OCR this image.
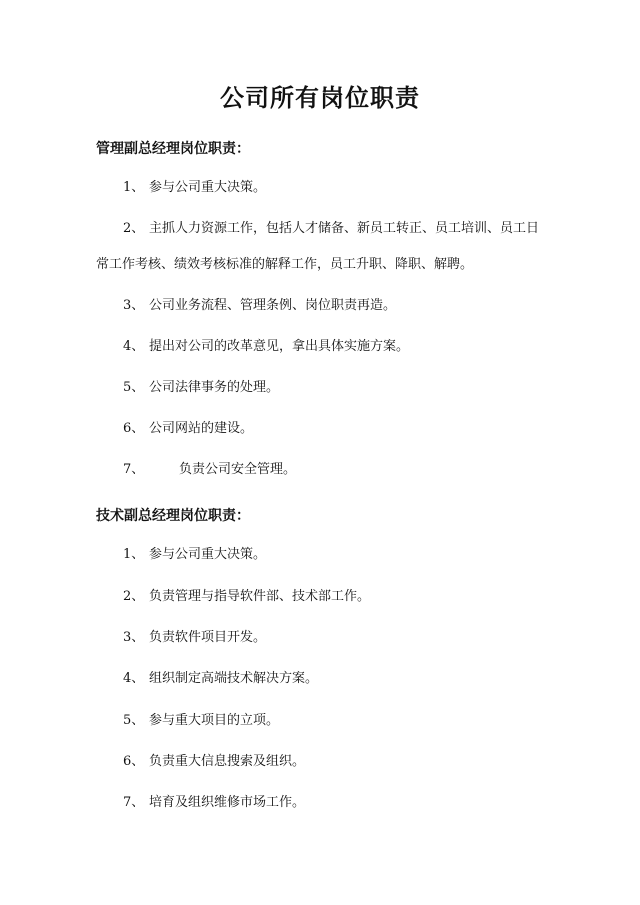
公司所有岗位职责
管理副总经理岗位职责：
1、 参与公司重大决策。
2、 主抓人力资源工作，包括人才储备、新员工转正、员工培训、员工日
常工作考核、绩效考核标准的解释工作，员工升职、降职、解聘。
3、 公司业务流程、管理条例、岗位职责再造。
4、 提出对公司的改革意见，拿出具体实施方案。
5、 公司法律事务的处理。
6、 公司网站的建设。
7、	负责公司安全管理。
技术副总经理岗位职责：
1、 参与公司重大决策。
2、 负责管理与指导软件部、技术部工作。
3、 负责软件项目开发。
4、 组织制定高端技术解决方案。
5、 参与重大项目的立项。
6、 负责重大信息搜索及组织。
7、 培育及组织维修市场工作。
